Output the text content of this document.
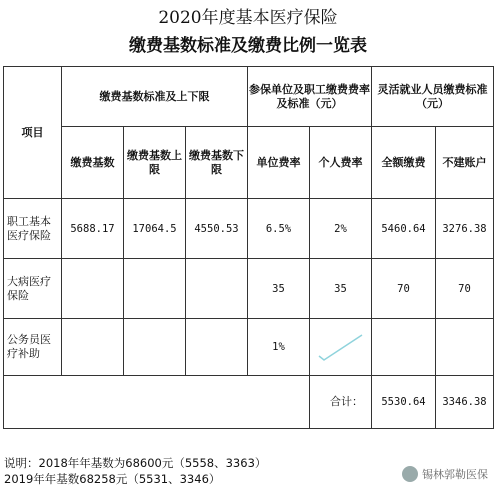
2020年度基本医疗保险
缴费基数标准及缴费比例一览表
项目	缴费基数标准及上下限			参保单位及职工缴费费率及标准（元）		灵活就业人员缴费标准（元）	
	缴费基数	缴费基数上限	缴费基数下限	单位费率	个人费率	全额缴费	不建账户
职工基本医疗保险	5688.17	17064.5	4550.53	6.5%	2%	5460.64	3276.38
大病医疗保险				35	35	70	70
公务员医疗补助				1%	

					合计：	5530.64	3346.38
说明：2018年年基数为68600元（5558、3363）
2019年年基数68258元（5531、3346）	锡林郭勒医保
